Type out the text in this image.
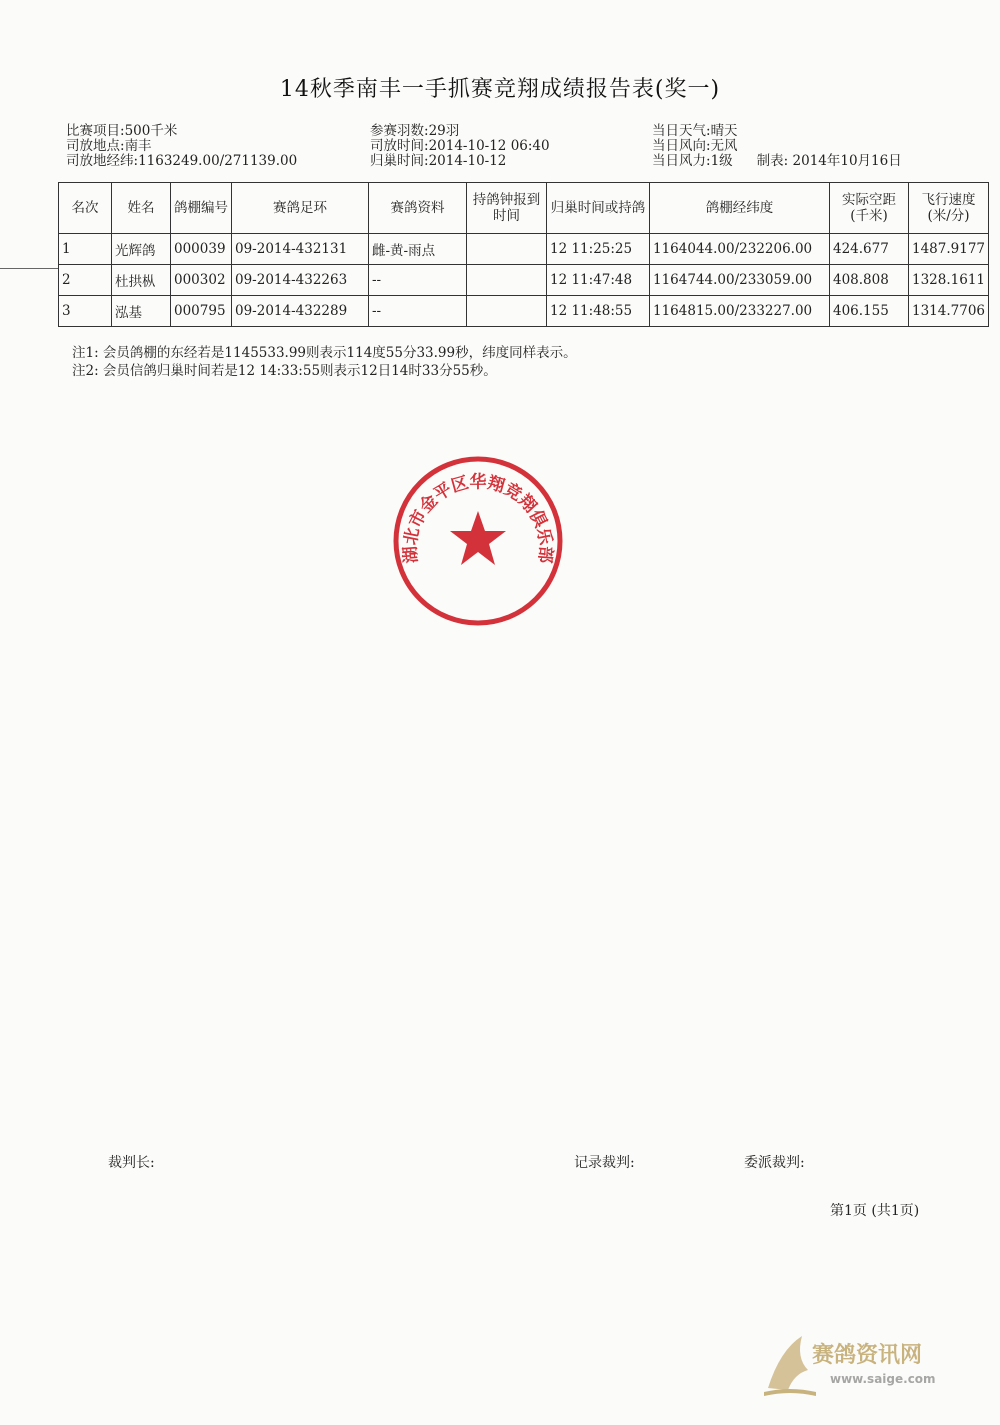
14秋季南丰一手抓赛竞翔成绩报告表(奖一)
比赛项目:500千米
司放地点:南丰
司放地经纬:1163249.00/271139.00
参赛羽数:29羽
司放时间:2014-10-12 06:40
归巢时间:2014-10-12
当日天气:晴天
当日风向:无风
当日风力:1级 制表: 2014年10月16日
名次	姓名	鸽棚编号	赛鸽足环	赛鸽资料	持鸽钟报到时间	归巢时间或持鸽	鸽棚经纬度	实际空距(千米)	飞行速度(米/分)
1	光辉鸽	000039	09-2014-432131	雌-黄-雨点		12 11:25:25	1164044.00/232206.00	424.677	1487.9177
2	杜拱枞	000302	09-2014-432263	--		12 11:47:48	1164744.00/233059.00	408.808	1328.1611
3	泓基	000795	09-2014-432289	--		12 11:48:55	1164815.00/233227.00	406.155	1314.7706
注1: 会员鸽棚的东经若是1145533.99则表示114度55分33.99秒，纬度同样表示。
注2: 会员信鸽归巢时间若是12 14:33:55则表示12日14时33分55秒。
湖北市金平区华翔竞翔俱乐部
裁判长:	记录裁判:	委派裁判:
第1页 (共1页)
赛鸽资讯网
www.saige.com
